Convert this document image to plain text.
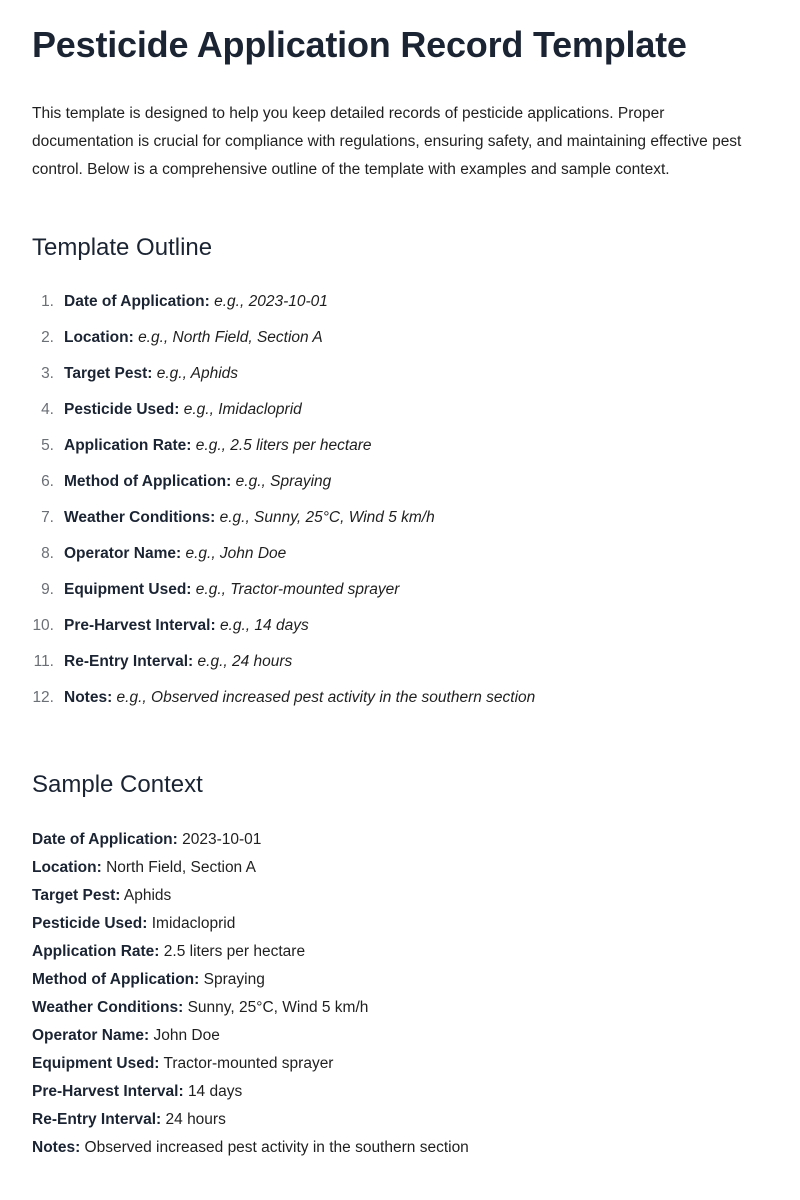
Pesticide Application Record Template

This template is designed to help you keep detailed records of pesticide applications. Proper documentation is crucial for compliance with regulations, ensuring safety, and maintaining effective pest control. Below is a comprehensive outline of the template with examples and sample context.

Template Outline
1. Date of Application: e.g., 2023-10-01
2. Location: e.g., North Field, Section A
3. Target Pest: e.g., Aphids
4. Pesticide Used: e.g., Imidacloprid
5. Application Rate: e.g., 2.5 liters per hectare
6. Method of Application: e.g., Spraying
7. Weather Conditions: e.g., Sunny, 25°C, Wind 5 km/h
8. Operator Name: e.g., John Doe
9. Equipment Used: e.g., Tractor-mounted sprayer
10. Pre-Harvest Interval: e.g., 14 days
11. Re-Entry Interval: e.g., 24 hours
12. Notes: e.g., Observed increased pest activity in the southern section
Sample Context
Date of Application: 2023-10-01
Location: North Field, Section A
Target Pest: Aphids
Pesticide Used: Imidacloprid
Application Rate: 2.5 liters per hectare
Method of Application: Spraying
Weather Conditions: Sunny, 25°C, Wind 5 km/h
Operator Name: John Doe
Equipment Used: Tractor-mounted sprayer
Pre-Harvest Interval: 14 days
Re-Entry Interval: 24 hours
Notes: Observed increased pest activity in the southern section
